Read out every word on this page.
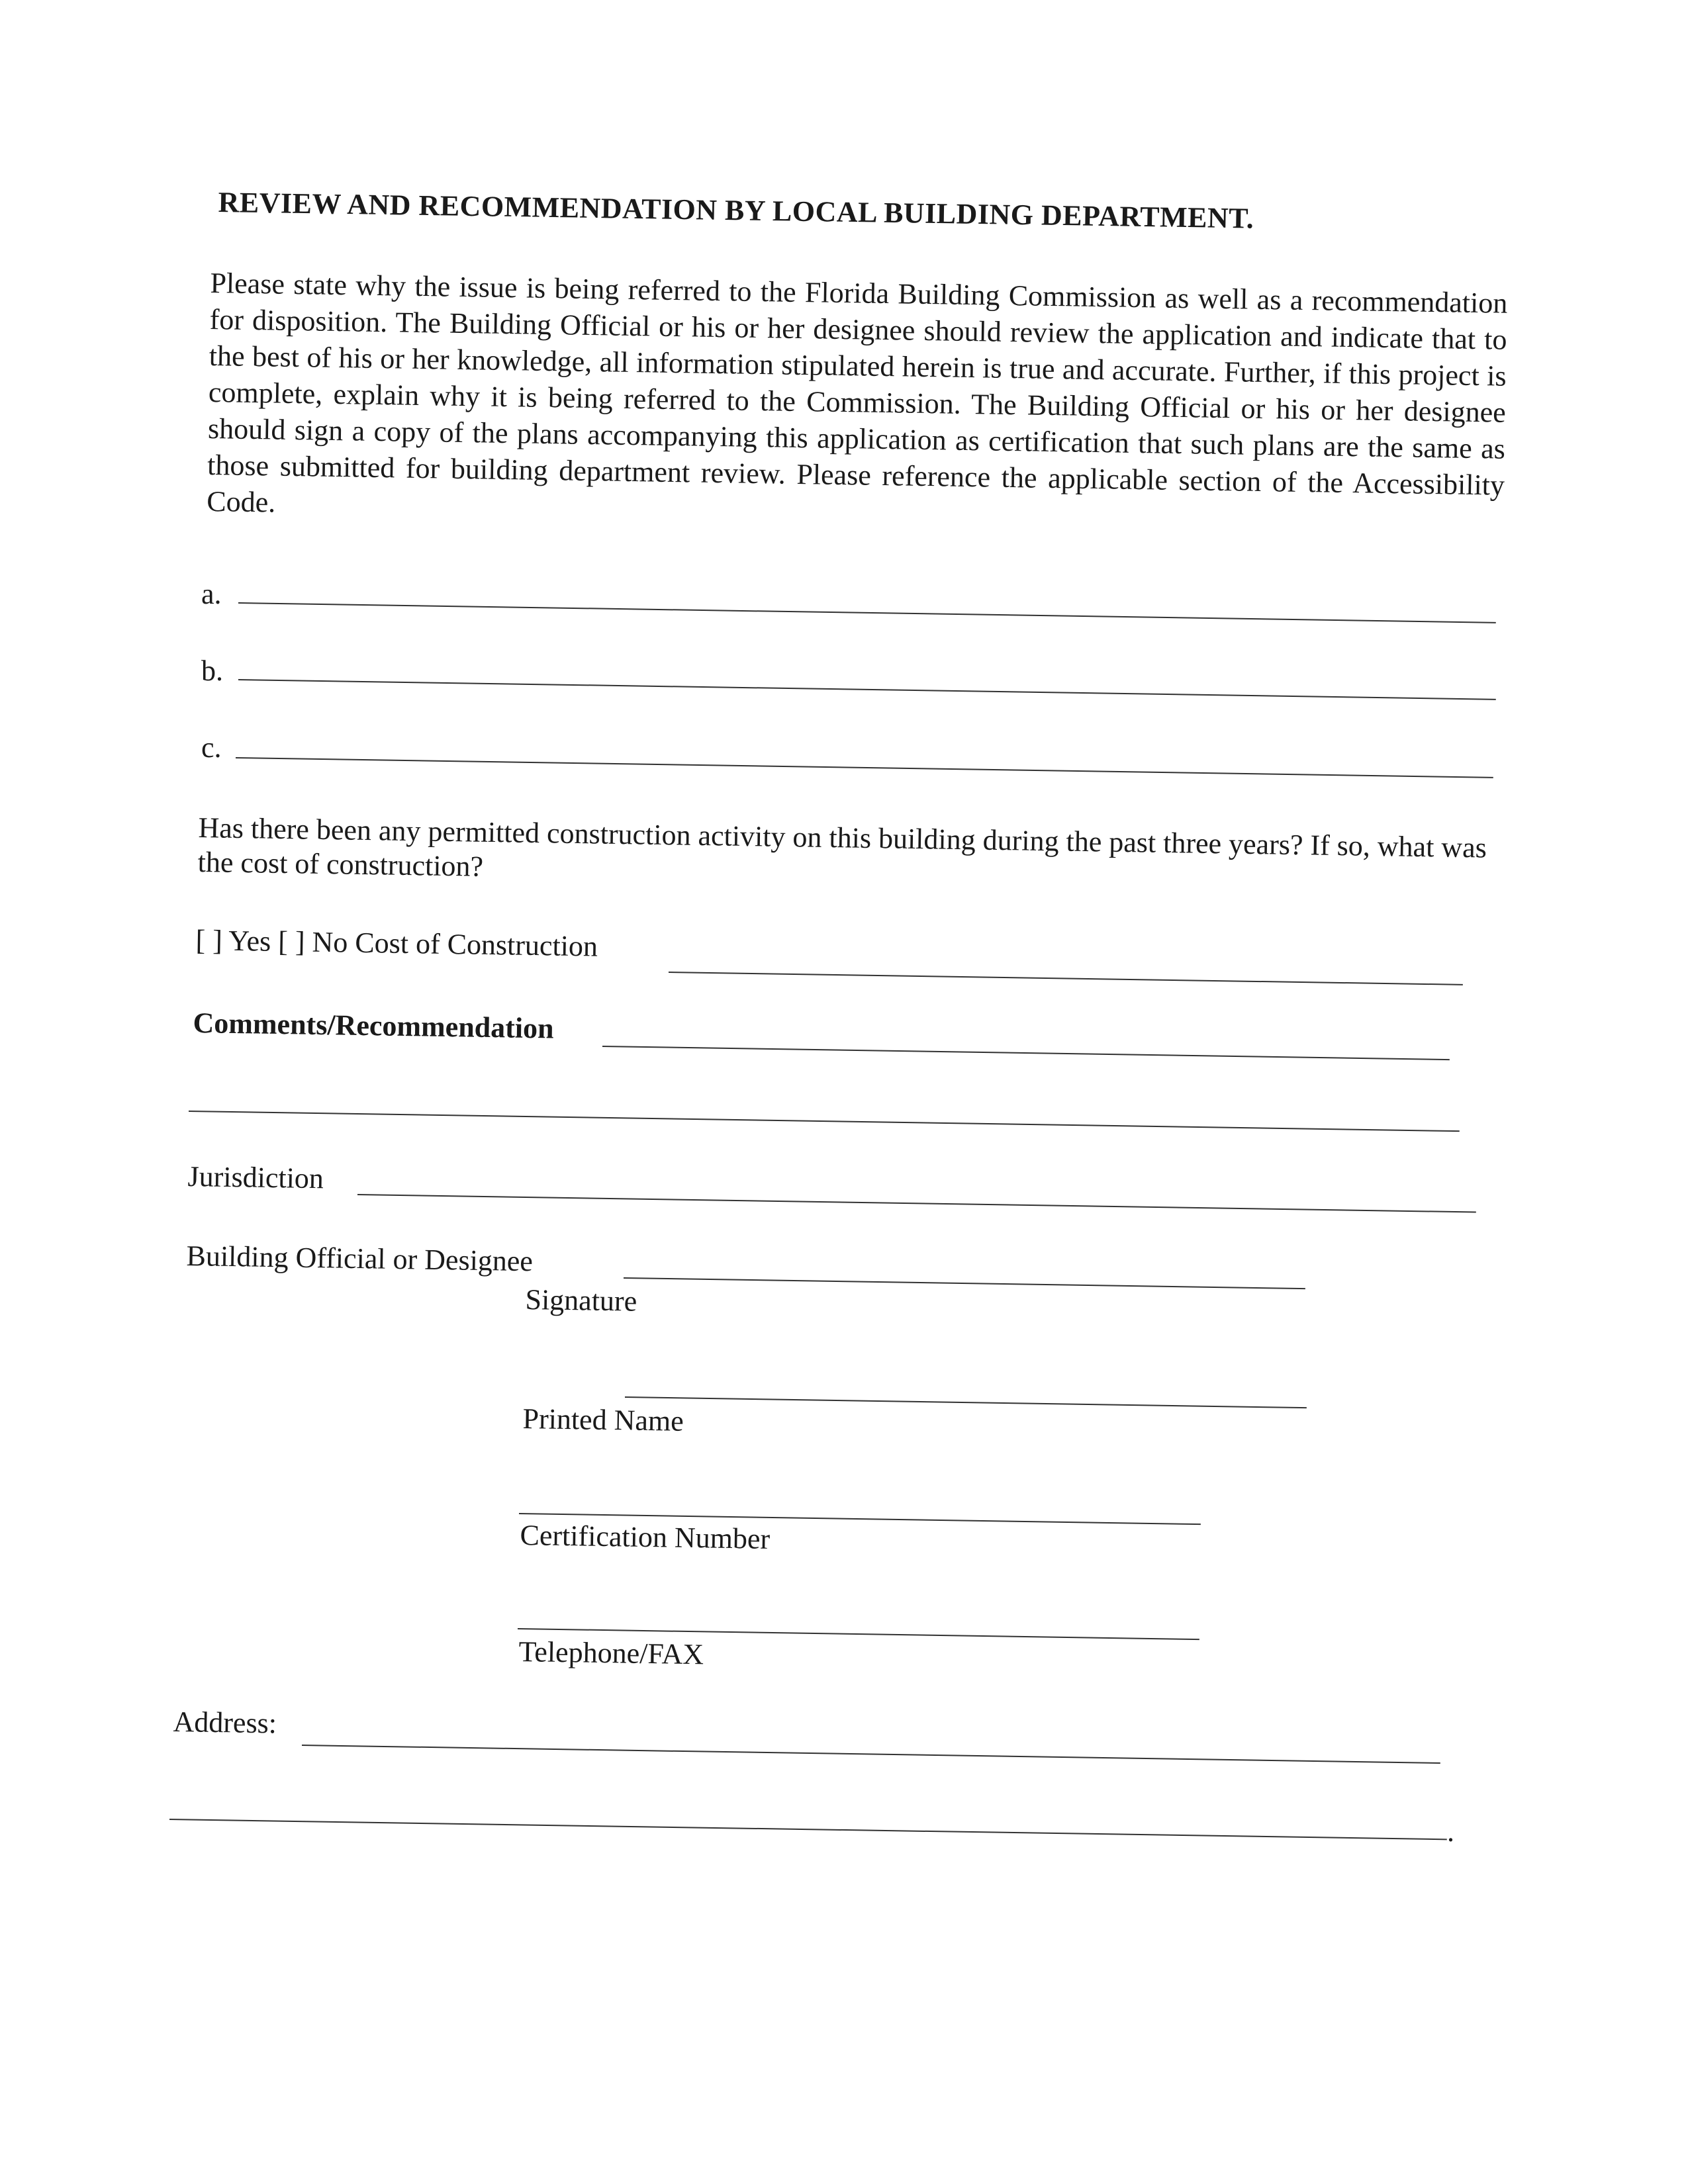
REVIEW AND RECOMMENDATION BY LOCAL BUILDING DEPARTMENT.
Please state why the issue is being referred to the Florida Building Commission as well as a recommendation for disposition. The Building Official or his or her designee should review the application and indicate that to the best of his or her knowledge, all information stipulated herein is true and accurate. Further, if this project is complete, explain why it is being referred to the Commission. The Building Official or his or her designee should sign a copy of the plans accompanying this application as certification that such plans are the same as those submitted for building department review. Please reference the applicable section of the Accessibility Code.
a.
b.
c.
Has there been any permitted construction activity on this building during the past three years? If so, what was the cost of construction?
[ ] Yes [ ] No Cost of Construction
Comments/Recommendation
Jurisdiction
Building Official or Designee
Signature
Printed Name
Certification Number
Telephone/FAX
Address:
.
